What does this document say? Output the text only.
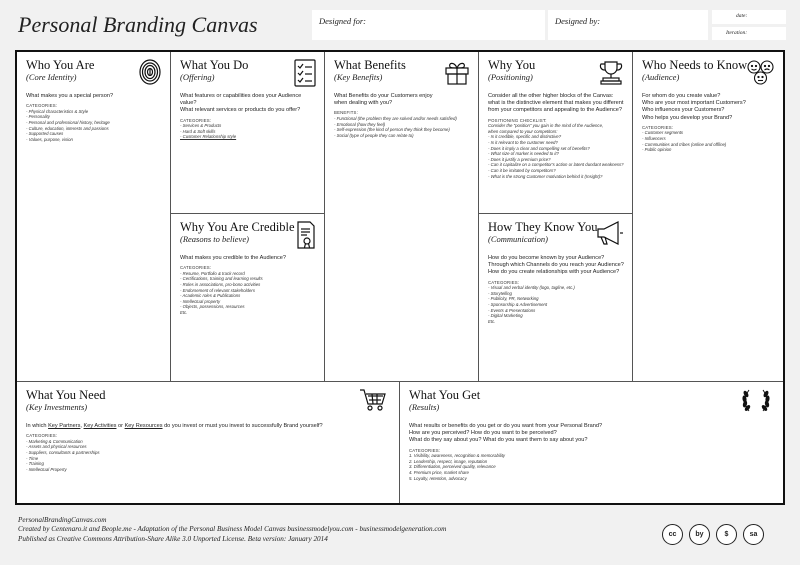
Personal Branding Canvas	Designed for:	Designed by:	date:
Iteration:
Who You Are
(Core Identity)
What makes you a special person?
CATEGORIES:
- Physical characteristics & Style
- Personality
- Personal and professional history, heritage
- Culture, education, interests and passions
- Supported causes
- Values, purpose, vision
What You Do
(Offering)

What features or capabilities does your Audience value?

What relevant services or products do you offer?

CATEGORIES:
- Services & Products
- Hard & Soft skills
- Customer Relationship style
Why You Are Credible
(Reasons to believe)
What makes you credible to the Audience?
CATEGORIES:
- Resume, Portfolio & track record
- Certifications, training and learning results
- Roles in associations, pro-bono activities
- Endorsement of relevant stakeholders
- Academic roles & Publications
- Intellectual property
- Objects, possessions, resources
Etc.
What Benefits
(Key Benefits)

What Benefits do your Customers enjoy

when dealing with you?

BENEFITS:
- Functional (the problem they are solved and/or needs satisfied)
- Emotional (how they feel)
- Self-expression (the kind of person they think they become)
- Social (type of people they can relate to)
Why You
(Positioning)

Consider all the other higher blocks of the Canvas:

what is the distinctive element that makes you different

from your competitors and appealing to the Audience?

POSITIONING CHECKLIST:
Consider the "position" you gain in the mind of the Audience,
when compared to your competitors:
- Is it credible, specific and distinctive?
- Is it relevant to the customer need?
- Does it imply a clear and compelling set of benefits?
- What size of market is needed to it?
- Does it justify a premium price?
- Can it capitalize on a competitor's action or latent dundant weakness?
- Can it be imitated by competitors?
- What is the strong Customer motivation behind it (Insight)?
How They Know You
(Communication)

How do you become known by your Audience?

Through which Channels do you reach your Audience?

How do you create relationships with your Audience?

CATEGORIES:
- Visual and verbal identity (logo, tagline, etc.)
- Storytelling
- Publicity, PR, Networking
- Sponsorship & Advertisement
- Events & Presentations
- Digital Marketing
Etc.
Who Needs to Know
(Audience)

For whom do you create value?

Who are your most important Customers?

Who influences your Customers?

Who helps you develop your Brand?

CATEGORIES:
- Customer segments
- Influencers
- Communities and tribes (online and offline)
- Public opinion
What You Need
(Key Investments)
In which Key Partners, Key Activities or Key Resources do you invest or must you invest to successfully Brand yourself?
CATEGORIES:
- Marketing & Communication
- Assets and physical resources
- Suppliers, consultants & partnerships
- Time
- Training
- Intellectual Property
What You Get
(Results)

What results or benefits do you get or do you want from your Personal Brand?

How are you perceived? How do you want to be perceived?

What do they say about you? What do you want them to say about you?

CATEGORIES:
1. Visibility, awareness, recognition & memorability
2. Leadership, respect, image, reputation
3. Differentiation, perceived quality, relevance
4. Premium price, market share
5. Loyalty, retention, advocacy
PersonalBrandingCanvas.com
Created by Centenaro.it and Beople.me - Adaptation of the Personal Business Model Canvas businessmodelyou.com - businessmodelgeneration.com
Published as Creative Commons Attribution-Share Alike 3.0 Unported License. Beta version: January 2014
cc	by	$	sa
